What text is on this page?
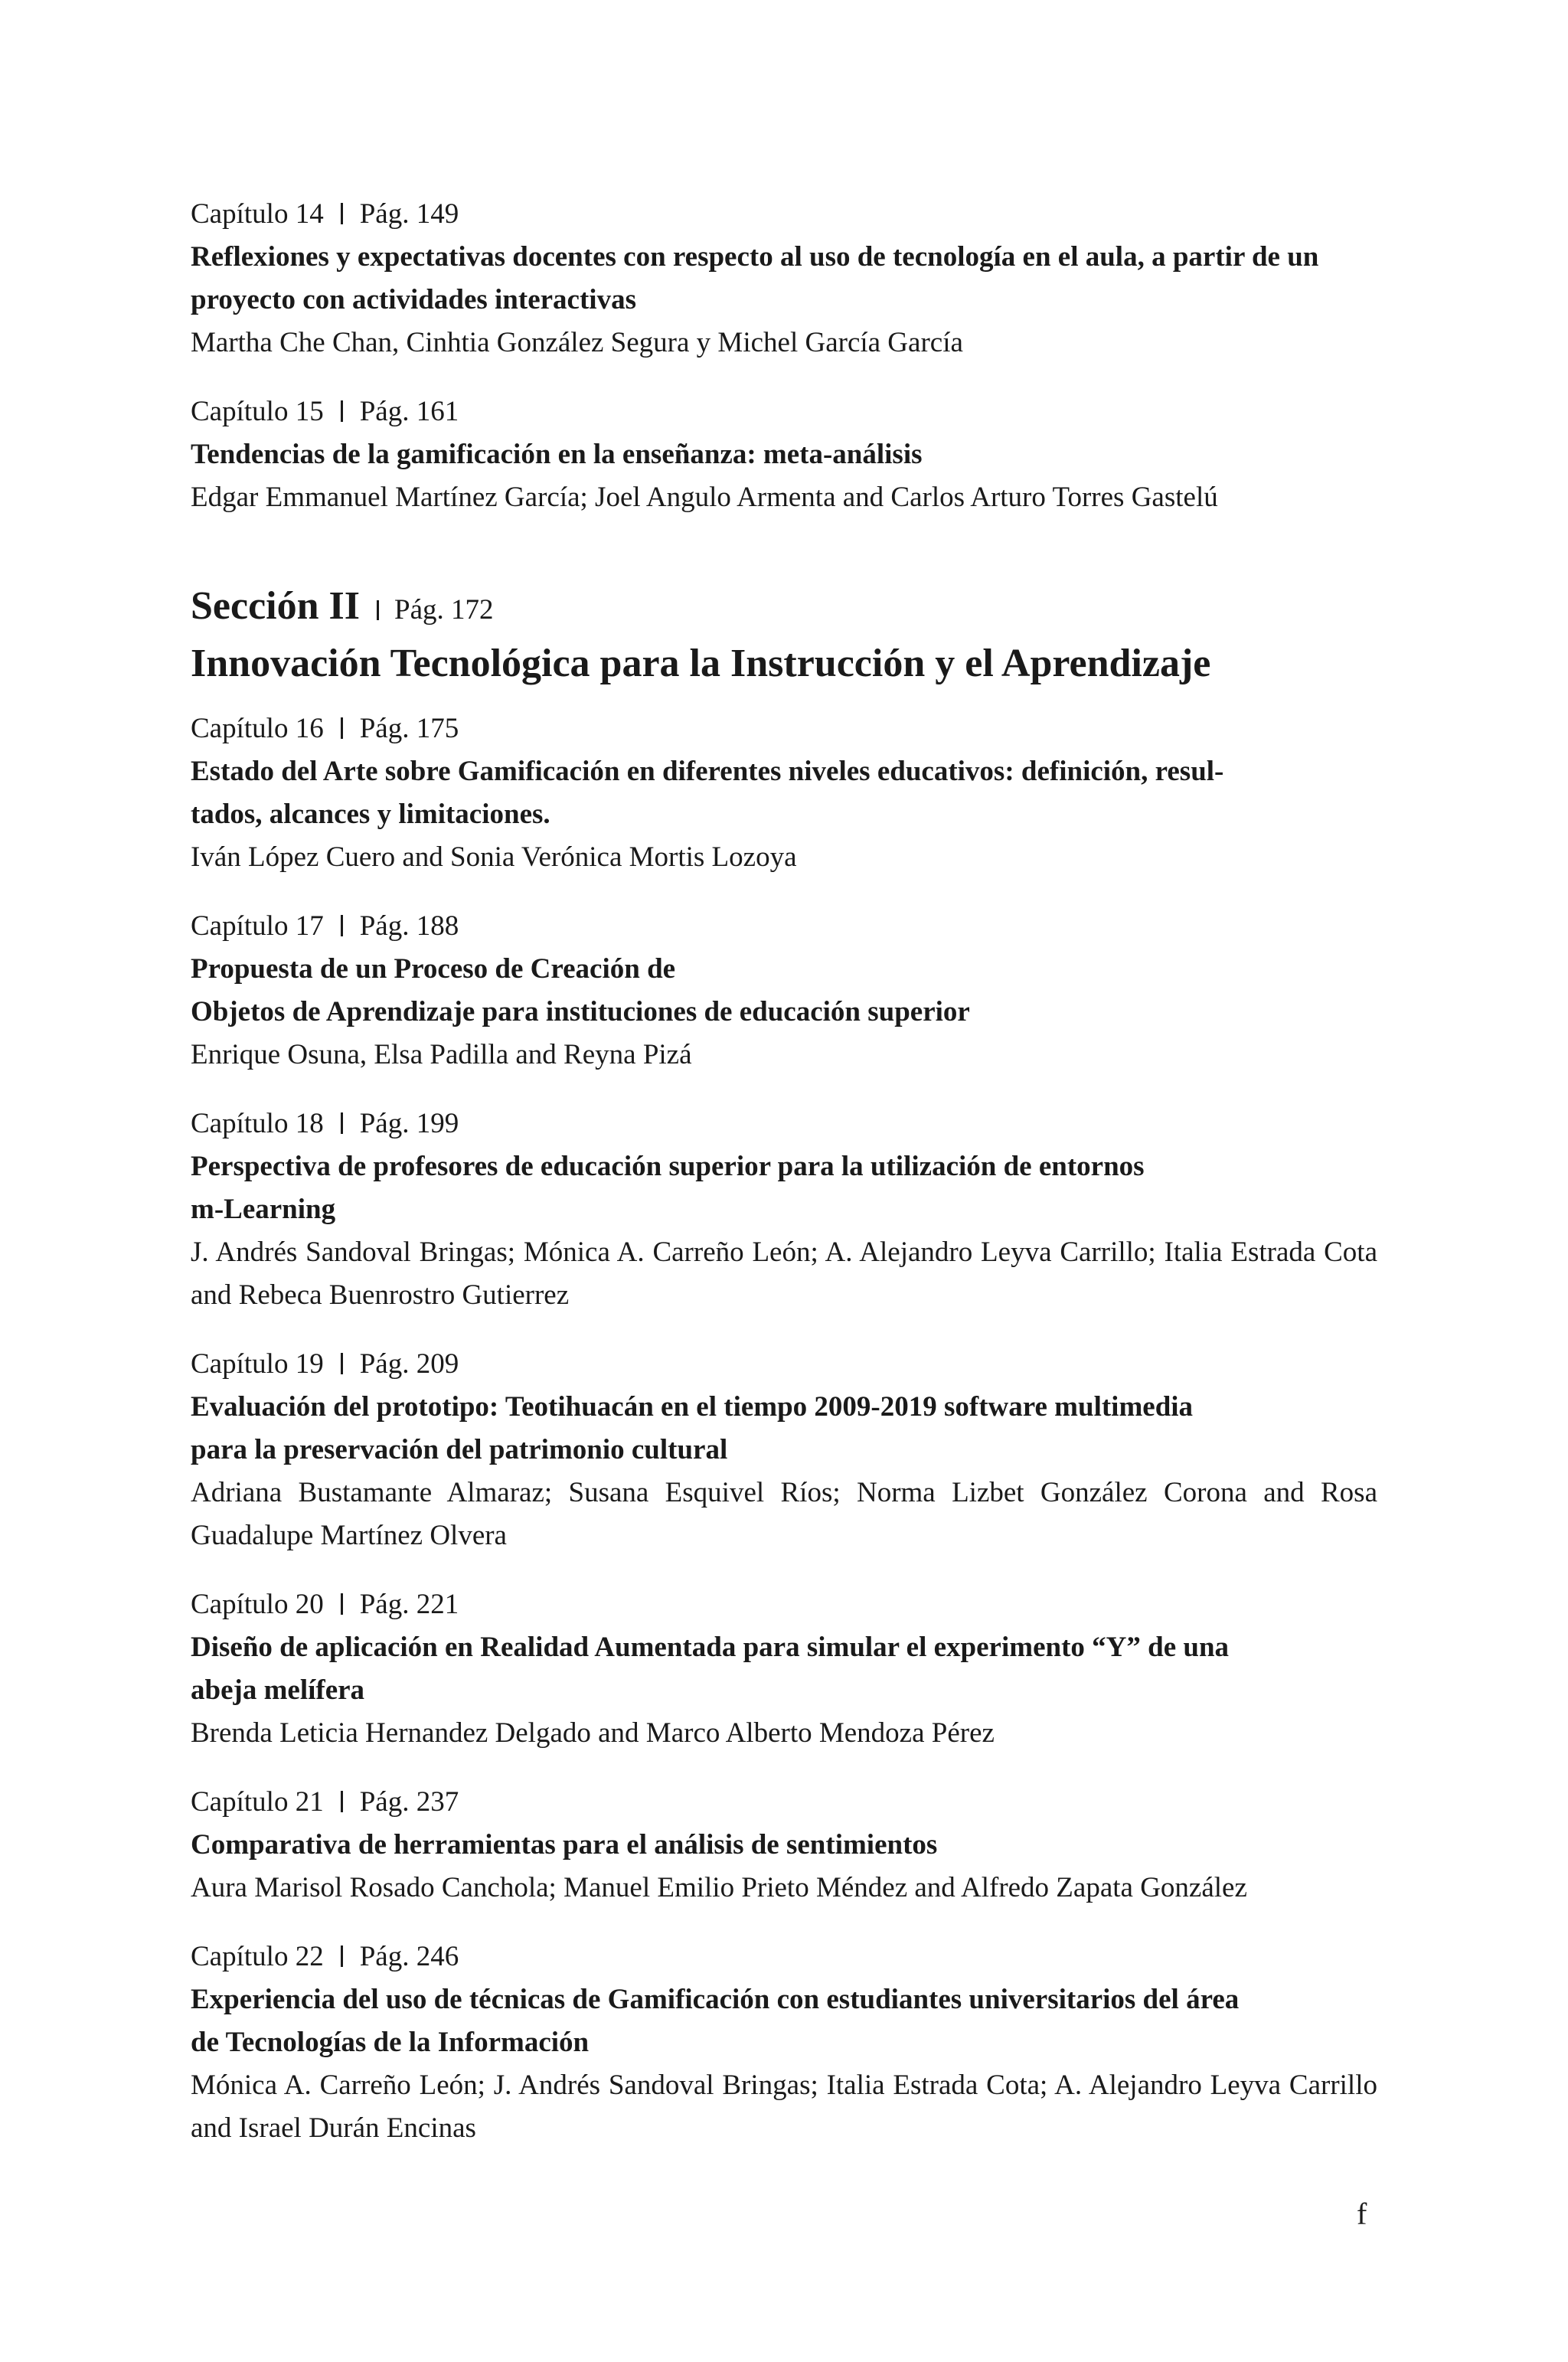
Capítulo 14 Pág. 149
Reflexiones y expectativas docentes con respecto al uso de tecnología en el aula, a partir de un proyecto con actividades interactivas
Martha Che Chan, Cinhtia González Segura y Michel García García
Capítulo 15 Pág. 161
Tendencias de la gamificación en la enseñanza: meta-análisis
Edgar Emmanuel Martínez García; Joel Angulo Armenta and Carlos Arturo Torres Gastelú
Sección II Pág. 172
Innovación Tecnológica para la Instrucción y el Aprendizaje
Capítulo 16 Pág. 175
Estado del Arte sobre Gamificación en diferentes niveles educativos: definición, resul-
tados, alcances y limitaciones.
Iván López Cuero and Sonia Verónica Mortis Lozoya
Capítulo 17 Pág. 188
Propuesta de un Proceso de Creación de
Objetos de Aprendizaje para instituciones de educación superior
Enrique Osuna, Elsa Padilla and Reyna Pizá
Capítulo 18 Pág. 199
Perspectiva de profesores de educación superior para la utilización de entornos
m-Learning
J. Andrés Sandoval Bringas; Mónica A. Carreño León; A. Alejandro Leyva Carrillo; Italia Estrada Cota and Rebeca Buenrostro Gutierrez
Capítulo 19 Pág. 209
Evaluación del prototipo: Teotihuacán en el tiempo 2009-2019 software multimedia
para la preservación del patrimonio cultural
Adriana Bustamante Almaraz; Susana Esquivel Ríos; Norma Lizbet González Corona and Rosa Guadalupe Martínez Olvera
Capítulo 20 Pág. 221
Diseño de aplicación en Realidad Aumentada para simular el experimento “Y” de una
abeja melífera
Brenda Leticia Hernandez Delgado and Marco Alberto Mendoza Pérez
Capítulo 21 Pág. 237
Comparativa de herramientas para el análisis de sentimientos
Aura Marisol Rosado Canchola; Manuel Emilio Prieto Méndez and Alfredo Zapata González
Capítulo 22 Pág. 246
Experiencia del uso de técnicas de Gamificación con estudiantes universitarios del área
de Tecnologías de la Información
Mónica A. Carreño León; J. Andrés Sandoval Bringas; Italia Estrada Cota; A. Alejandro Leyva Carrillo and Israel Durán Encinas
f
